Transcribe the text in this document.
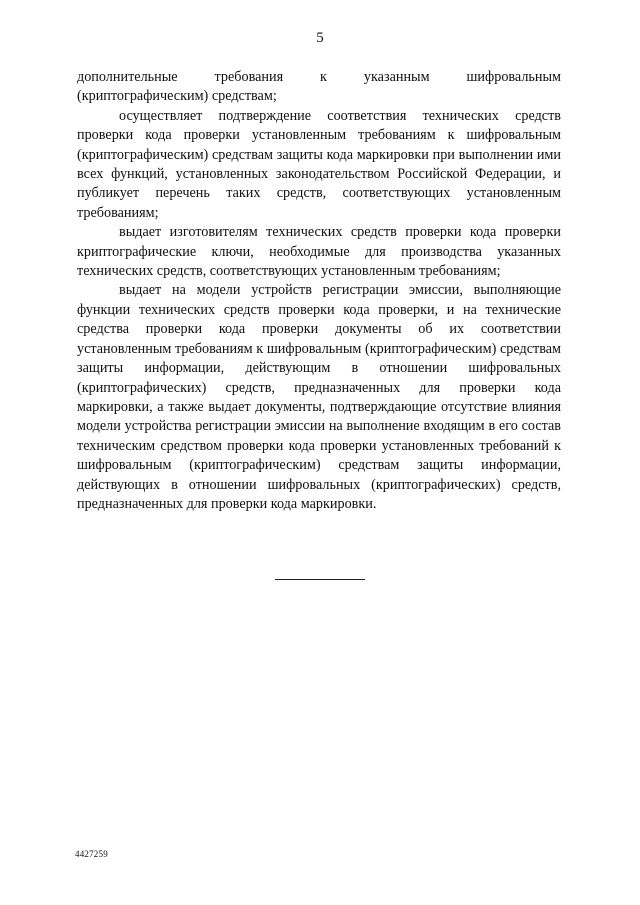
5

дополнительные требования к указанным шифровальным
(криптографическим) средствам;

осуществляет подтверждение соответствия технических средств проверки кода проверки установленным требованиям к шифровальным (криптографическим) средствам защиты кода маркировки при выполнении ими всех функций, установленных законодательством Российской Федерации, и публикует перечень таких средств, соответствующих установленным требованиям;

выдает изготовителям технических средств проверки кода проверки криптографические ключи, необходимые для производства указанных технических средств, соответствующих установленным требованиям;

выдает на модели устройств регистрации эмиссии, выполняющие функции технических средств проверки кода проверки, и на технические средства проверки кода проверки документы об их соответствии установленным требованиям к шифровальным (криптографическим) средствам защиты информации, действующим в отношении шифровальных (криптографических) средств, предназначенных для проверки кода маркировки, а также выдает документы, подтверждающие отсутствие влияния модели устройства регистрации эмиссии на выполнение входящим в его состав техническим средством проверки кода проверки установленных требований к шифровальным (криптографическим) средствам защиты информации, действующих в отношении шифровальных (криптографических) средств, предназначенных для проверки кода маркировки.

4427259
